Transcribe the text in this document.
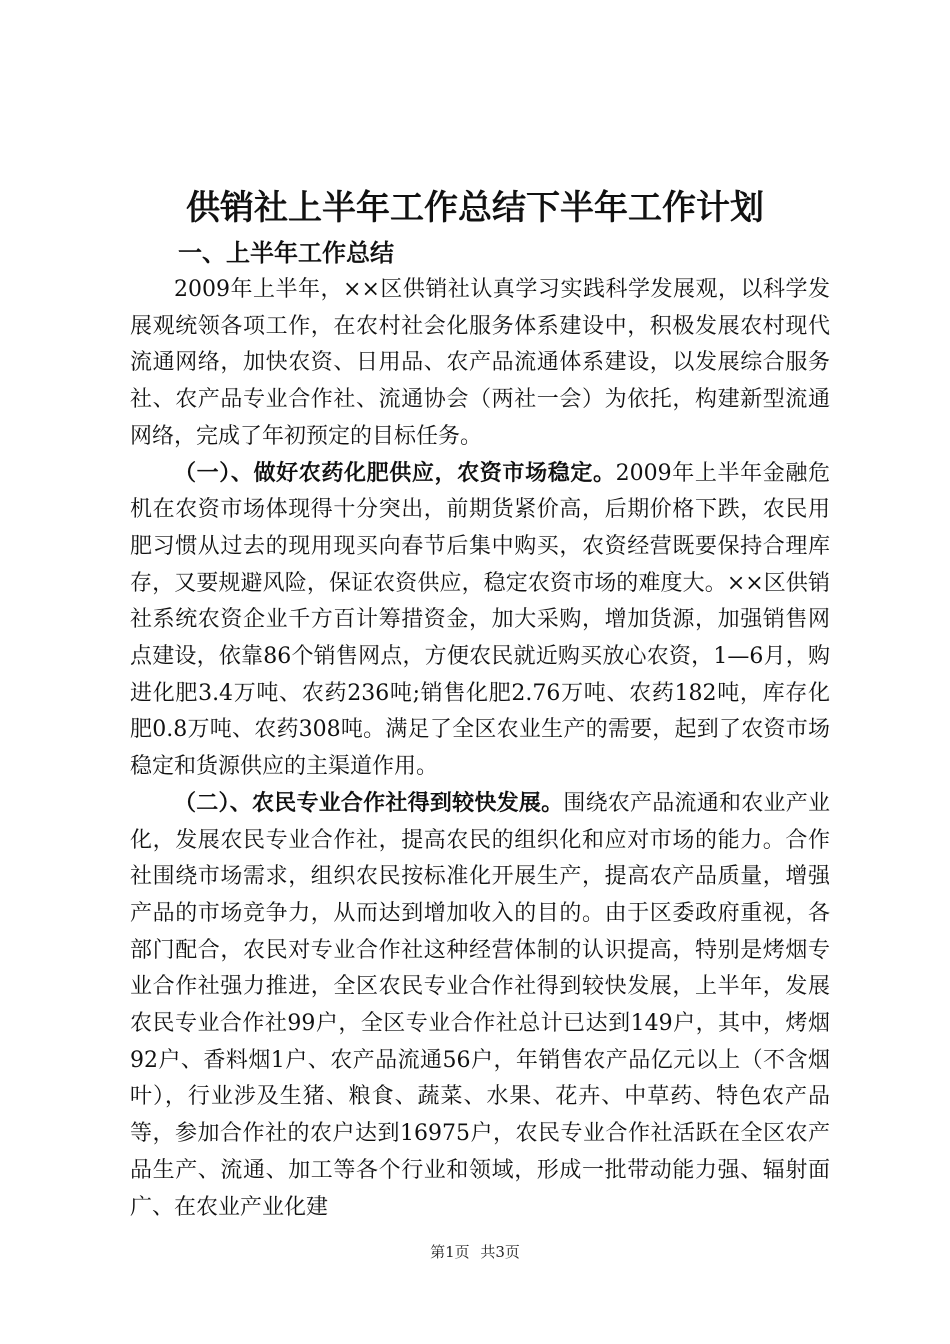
供销社上半年工作总结下半年工作计划
一、上半年工作总结

2009年上半年，××区供销社认真学习实践科学发展观，以科学发展观统领各项工作，在农村社会化服务体系建设中，积极发展农村现代流通网络，加快农资、日用品、农产品流通体系建设，以发展综合服务社、农产品专业合作社、流通协会（两社一会）为依托，构建新型流通网络，完成了年初预定的目标任务。

（一）、做好农药化肥供应，农资市场稳定。2009年上半年金融危机在农资市场体现得十分突出，前期货紧价高，后期价格下跌，农民用肥习惯从过去的现用现买向春节后集中购买，农资经营既要保持合理库存，又要规避风险，保证农资供应，稳定农资市场的难度大。××区供销社系统农资企业千方百计筹措资金，加大采购，增加货源，加强销售网点建设，依靠86个销售网点，方便农民就近购买放心农资，1—6月，购进化肥3.4万吨、农药236吨;销售化肥2.76万吨、农药182吨，库存化肥0.8万吨、农药308吨。满足了全区农业生产的需要，起到了农资市场稳定和货源供应的主渠道作用。

（二）、农民专业合作社得到较快发展。围绕农产品流通和农业产业化，发展农民专业合作社，提高农民的组织化和应对市场的能力。合作社围绕市场需求，组织农民按标准化开展生产，提高农产品质量，增强产品的市场竞争力，从而达到增加收入的目的。由于区委政府重视，各部门配合，农民对专业合作社这种经营体制的认识提高，特别是烤烟专业合作社强力推进，全区农民专业合作社得到较快发展，上半年，发展农民专业合作社99户，全区专业合作社总计已达到149户，其中，烤烟92户、香料烟1户、农产品流通56户，年销售农产品亿元以上（不含烟叶），行业涉及生猪、粮食、蔬菜、水果、花卉、中草药、特色农产品等，参加合作社的农户达到16975户，农民专业合作社活跃在全区农产品生产、流通、加工等各个行业和领域，形成一批带动能力强、辐射面广、在农业产业化建

第1页 共3页
